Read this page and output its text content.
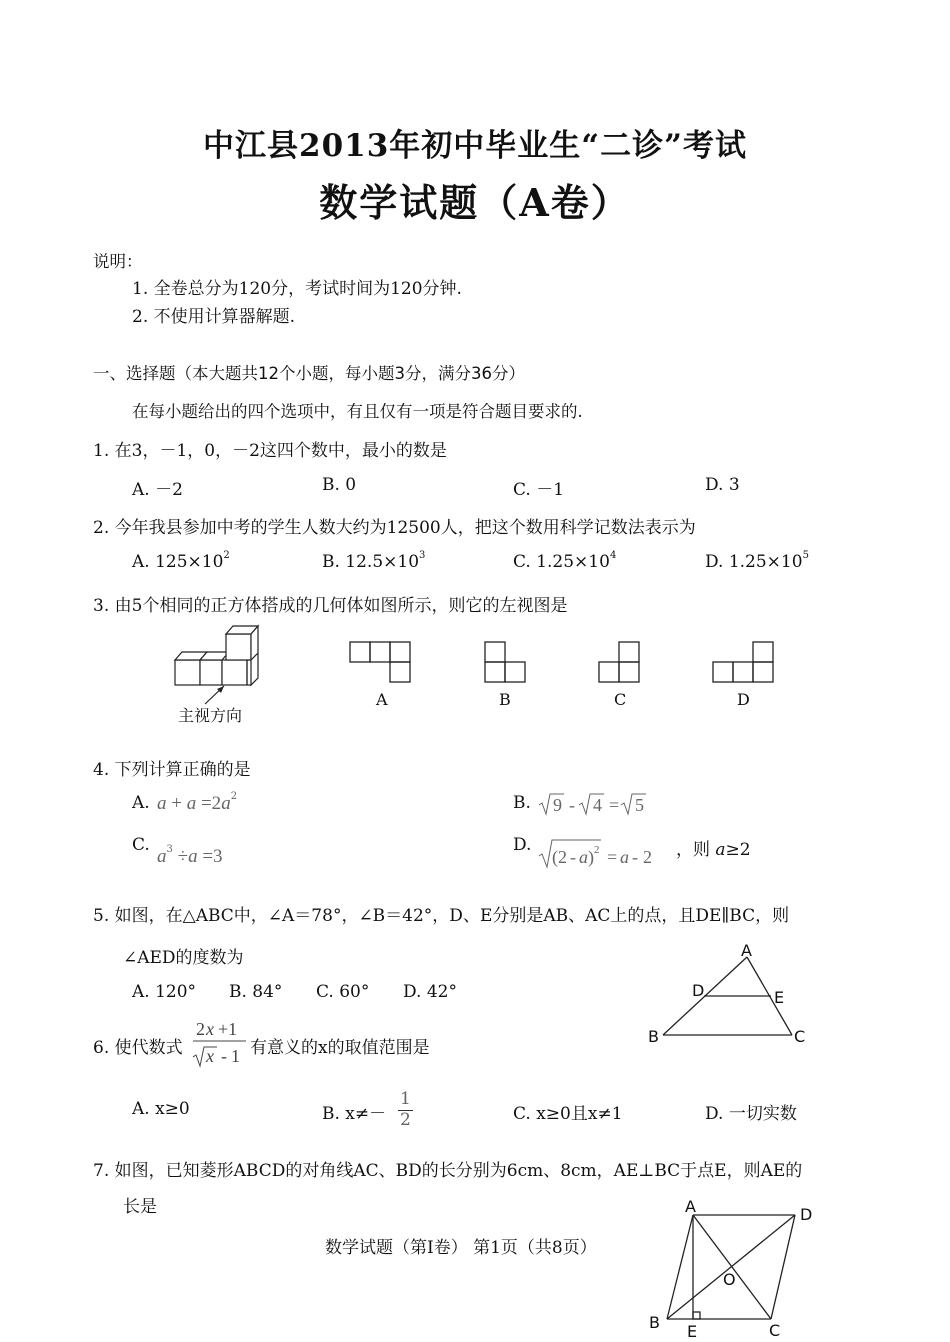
中江县2013年初中毕业生“二诊”考试
数学试题（A卷）
说明：
1. 全卷总分为120分，考试时间为120分钟.
2. 不使用计算器解题.
一、选择题（本大题共12个小题，每小题3分，满分36分）
在每小题给出的四个选项中，有且仅有一项是符合题目要求的.
1. 在3，－1，0，－2这四个数中，最小的数是
A. －2	B. 0	C. －1	D. 3
2. 今年我县参加中考的学生人数大约为12500人，把这个数用科学记数法表示为
A. $125\times 10^2$	B. $12.5\times 10^3$	C. $1.25\times 10^4$	D. $1.25\times 10^5$
3. 由5个相同的正方体搭成的几何体如图所示，则它的左视图是
主视方向
A	B	C	D
4. 下列计算正确的是
A. $a + a =2a^2$	B. 9 - 4 = 5
C.
$a^3 \div a =3$
D.
(2 - a ) 2 = a - 2 ，则 a≥2
5. 如图，在△ABC中，∠A＝78°，∠B＝42°，D、E分别是AB、AC上的点，且DE∥BC，则
∠AED的度数为
A. 120° B. 84° C. 60° D. 42°
A
B	C
D	E
6. 使代数式
2 x +1
x - 1 有意义的x的取值范围是
A. x≥0	B. $x\ne- \frac{1}{2}$	C. x≥0且x≠1	D. 一切实数
7. 如图，已知菱形ABCD的对角线AC、BD的长分别为6cm、8cm，AE⊥BC于点E，则AE的
长是	A
B	C
D
E
O
数学试题（第Ⅰ卷） 第1页（共8页）
